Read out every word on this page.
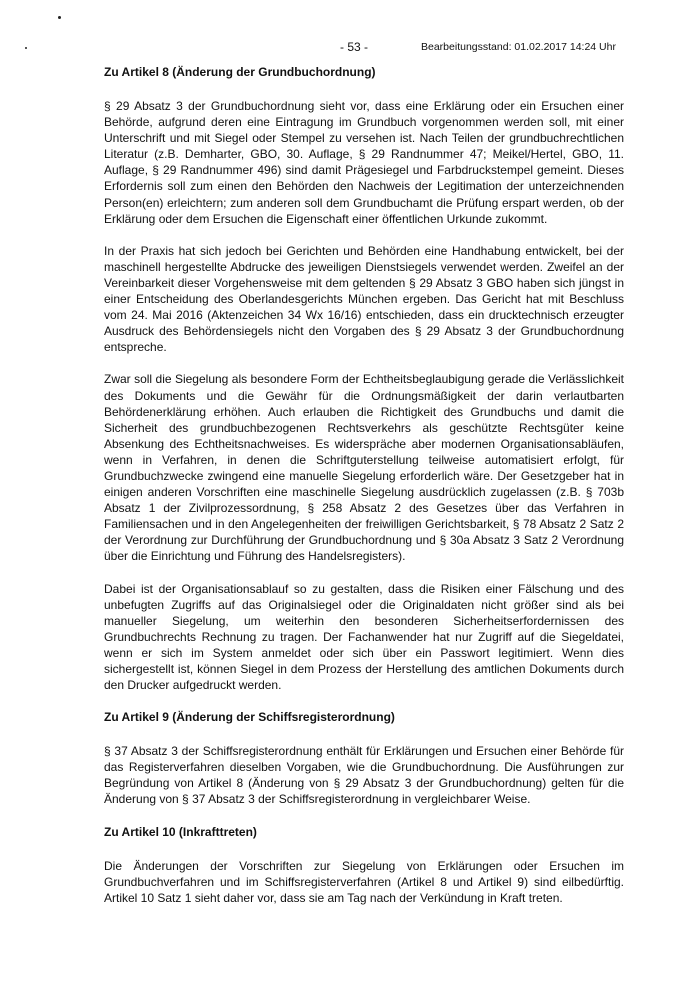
- 53 -	Bearbeitungsstand: 01.02.2017 14:24 Uhr
Zu Artikel 8 (Änderung der Grundbuchordnung)

§ 29 Absatz 3 der Grundbuchordnung sieht vor, dass eine Erklärung oder ein Ersuchen einer Behörde, aufgrund deren eine Eintragung im Grundbuch vorgenommen werden soll, mit einer Unterschrift und mit Siegel oder Stempel zu versehen ist. Nach Teilen der grundbuchrechtlichen Literatur (z.B. Demharter, GBO, 30. Auflage, § 29 Randnummer 47; Meikel/Hertel, GBO, 11. Auflage, § 29 Randnummer 496) sind damit Prägesiegel und Farbdruckstempel gemeint. Dieses Erfordernis soll zum einen den Behörden den Nachweis der Legitimation der unterzeichnenden Person(en) erleichtern; zum anderen soll dem Grundbuchamt die Prüfung erspart werden, ob der Erklärung oder dem Ersuchen die Eigenschaft einer öffentlichen Urkunde zukommt.

In der Praxis hat sich jedoch bei Gerichten und Behörden eine Handhabung entwickelt, bei der maschinell hergestellte Abdrucke des jeweiligen Dienstsiegels verwendet werden. Zweifel an der Vereinbarkeit dieser Vorgehensweise mit dem geltenden § 29 Absatz 3 GBO haben sich jüngst in einer Entscheidung des Oberlandesgerichts München ergeben. Das Gericht hat mit Beschluss vom 24. Mai 2016 (Aktenzeichen 34 Wx 16/16) entschieden, dass ein drucktechnisch erzeugter Ausdruck des Behördensiegels nicht den Vorgaben des § 29 Absatz 3 der Grundbuchordnung entspreche.

Zwar soll die Siegelung als besondere Form der Echtheitsbeglaubigung gerade die Verlässlichkeit des Dokuments und die Gewähr für die Ordnungsmäßigkeit der darin verlautbarten Behördenerklärung erhöhen. Auch erlauben die Richtigkeit des Grundbuchs und damit die Sicherheit des grundbuchbezogenen Rechtsverkehrs als geschützte Rechtsgüter keine Absenkung des Echtheitsnachweises. Es widerspräche aber modernen Organisationsabläufen, wenn in Verfahren, in denen die Schriftguterstellung teilweise automatisiert erfolgt, für Grundbuchzwecke zwingend eine manuelle Siegelung erforderlich wäre. Der Gesetzgeber hat in einigen anderen Vorschriften eine maschinelle Siegelung ausdrücklich zugelassen (z.B. § 703b Absatz 1 der Zivilprozessordnung, § 258 Absatz 2 des Gesetzes über das Verfahren in Familiensachen und in den Angelegenheiten der freiwilligen Gerichtsbarkeit, § 78 Absatz 2 Satz 2 der Verordnung zur Durchführung der Grundbuchordnung und § 30a Absatz 3 Satz 2 Verordnung über die Einrichtung und Führung des Handelsregisters).

Dabei ist der Organisationsablauf so zu gestalten, dass die Risiken einer Fälschung und des unbefugten Zugriffs auf das Originalsiegel oder die Originaldaten nicht größer sind als bei manueller Siegelung, um weiterhin den besonderen Sicherheitserfordernissen des Grundbuchrechts Rechnung zu tragen. Der Fachanwender hat nur Zugriff auf die Siegeldatei, wenn er sich im System anmeldet oder sich über ein Passwort legitimiert. Wenn dies sichergestellt ist, können Siegel in dem Prozess der Herstellung des amtlichen Dokuments durch den Drucker aufgedruckt werden.

Zu Artikel 9 (Änderung der Schiffsregisterordnung)

§ 37 Absatz 3 der Schiffsregisterordnung enthält für Erklärungen und Ersuchen einer Behörde für das Registerverfahren dieselben Vorgaben, wie die Grundbuchordnung. Die Ausführungen zur Begründung von Artikel 8 (Änderung von § 29 Absatz 3 der Grundbuchordnung) gelten für die Änderung von § 37 Absatz 3 der Schiffsregisterordnung in vergleichbarer Weise.

Zu Artikel 10 (Inkrafttreten)

Die Änderungen der Vorschriften zur Siegelung von Erklärungen oder Ersuchen im Grundbuchverfahren und im Schiffsregisterverfahren (Artikel 8 und Artikel 9) sind eilbedürftig. Artikel 10 Satz 1 sieht daher vor, dass sie am Tag nach der Verkündung in Kraft treten.
